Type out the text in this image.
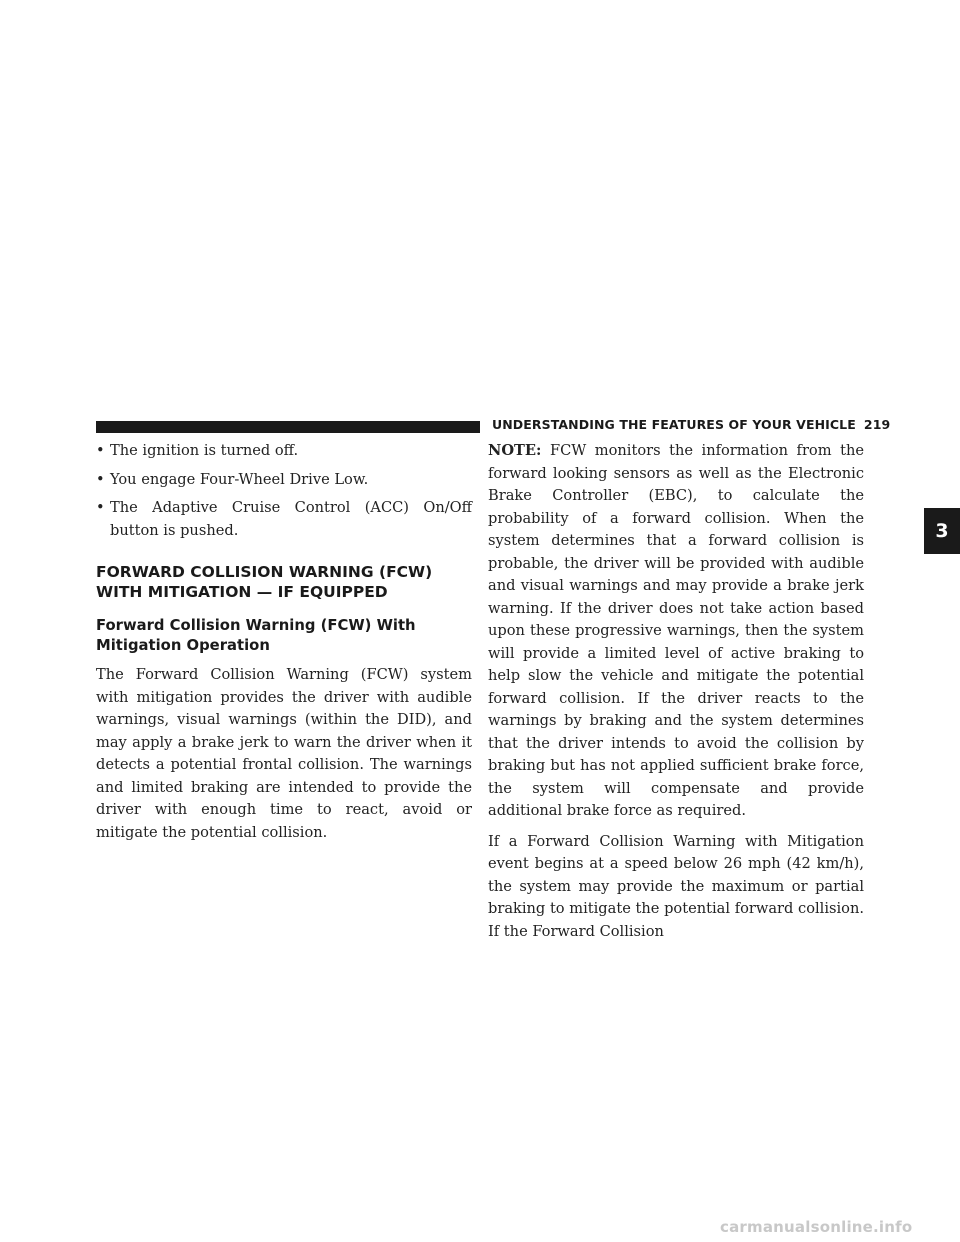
UNDERSTANDING THE FEATURES OF YOUR VEHICLE 219
3
• The ignition is turned off.
• You engage Four-Wheel Drive Low.
• The Adaptive Cruise Control (ACC) On/Off button is pushed.
FORWARD COLLISION WARNING (FCW) WITH MITIGATION — IF EQUIPPED
Forward Collision Warning (FCW) With Mitigation Operation

The Forward Collision Warning (FCW) system with mitigation provides the driver with audible warnings, visual warnings (within the DID), and may apply a brake jerk to warn the driver when it detects a potential frontal collision. The warnings and limited braking are intended to provide the driver with enough time to react, avoid or mitigate the potential collision.

NOTE: FCW monitors the information from the forward looking sensors as well as the Electronic Brake Controller (EBC), to calculate the probability of a forward collision. When the system determines that a forward collision is probable, the driver will be provided with audible and visual warnings and may provide a brake jerk warning. If the driver does not take action based upon these progressive warnings, then the system will provide a limited level of active braking to help slow the vehicle and mitigate the potential forward collision. If the driver reacts to the warnings by braking and the system determines that the driver intends to avoid the collision by braking but has not applied sufficient brake force, the system will compensate and provide additional brake force as required.

If a Forward Collision Warning with Mitigation event begins at a speed below 26 mph (42 km/h), the system may provide the maximum or partial braking to mitigate the potential forward collision. If the Forward Collision

carmanualsonline.info
